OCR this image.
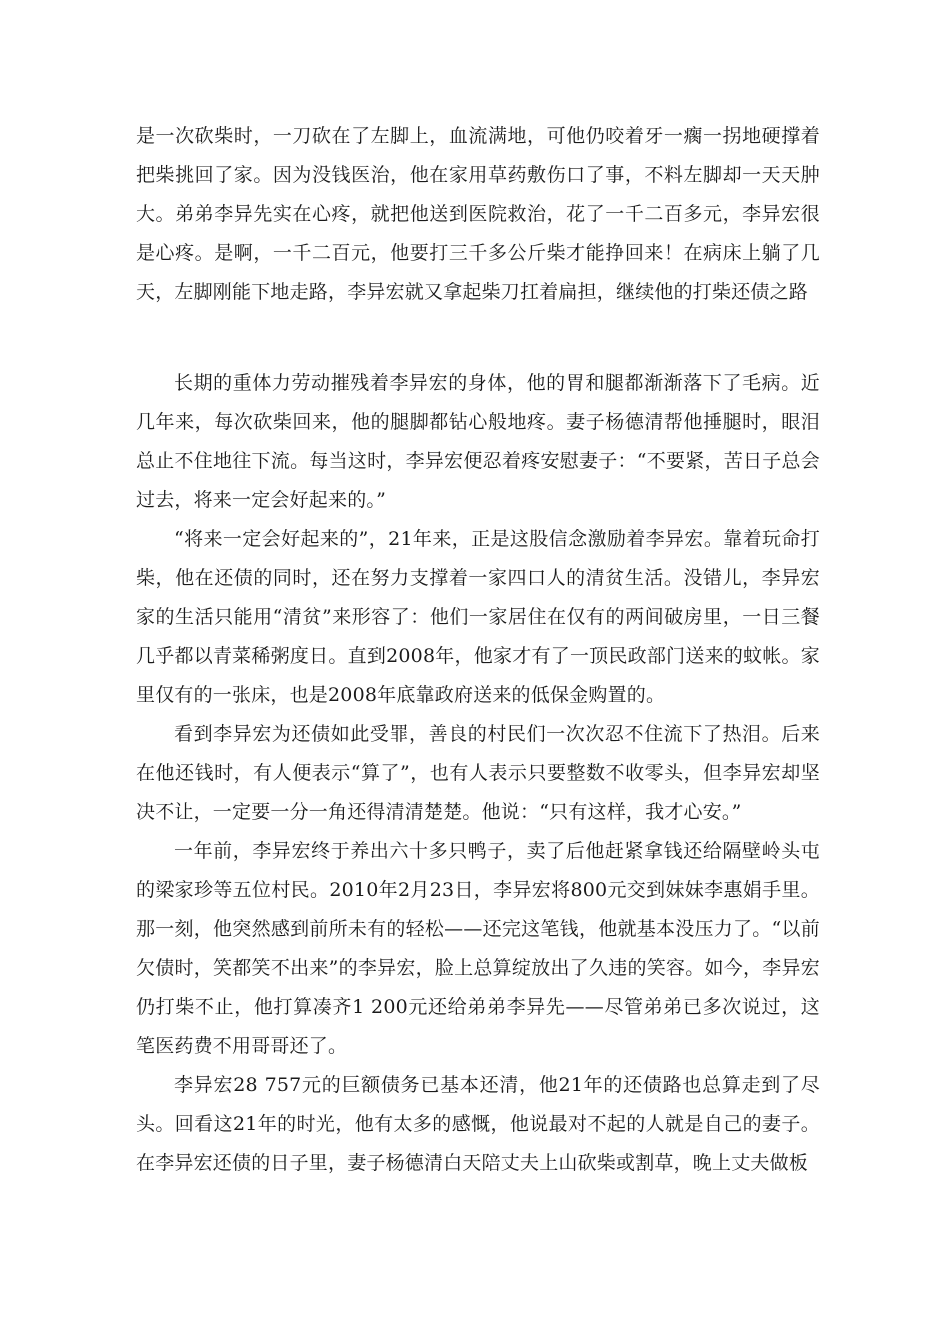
是一次砍柴时，一刀砍在了左脚上，血流满地，可他仍咬着牙一瘸一拐地硬撑着把柴挑回了家。因为没钱医治，他在家用草药敷伤口了事，不料左脚却一天天肿大。弟弟李异先实在心疼，就把他送到医院救治，花了一千二百多元，李异宏很是心疼。是啊，一千二百元，他要打三千多公斤柴才能挣回来！在病床上躺了几天，左脚刚能下地走路，李异宏就又拿起柴刀扛着扁担，继续他的打柴还债之路

长期的重体力劳动摧残着李异宏的身体，他的胃和腿都渐渐落下了毛病。近几年来，每次砍柴回来，他的腿脚都钻心般地疼。妻子杨德清帮他捶腿时，眼泪总止不住地往下流。每当这时，李异宏便忍着疼安慰妻子：“不要紧，苦日子总会过去，将来一定会好起来的。”

“将来一定会好起来的”，21年来，正是这股信念激励着李异宏。靠着玩命打柴，他在还债的同时，还在努力支撑着一家四口人的清贫生活。没错儿，李异宏家的生活只能用“清贫”来形容了：他们一家居住在仅有的两间破房里，一日三餐几乎都以青菜稀粥度日。直到2008年，他家才有了一顶民政部门送来的蚊帐。家里仅有的一张床，也是2008年底靠政府送来的低保金购置的。

看到李异宏为还债如此受罪，善良的村民们一次次忍不住流下了热泪。后来在他还钱时，有人便表示“算了”，也有人表示只要整数不收零头，但李异宏却坚决不让，一定要一分一角还得清清楚楚。他说：“只有这样，我才心安。”

一年前，李异宏终于养出六十多只鸭子，卖了后他赶紧拿钱还给隔壁岭头屯的梁家珍等五位村民。2010年2月23日，李异宏将800元交到妹妹李惠娟手里。那一刻，他突然感到前所未有的轻松——还完这笔钱，他就基本没压力了。“以前欠债时，笑都笑不出来”的李异宏，脸上总算绽放出了久违的笑容。如今，李异宏仍打柴不止，他打算凑齐1 200元还给弟弟李异先——尽管弟弟已多次说过，这笔医药费不用哥哥还了。

李异宏28 757元的巨额债务已基本还清，他21年的还债路也总算走到了尽头。回看这21年的时光，他有太多的感慨，他说最对不起的人就是自己的妻子。在李异宏还债的日子里，妻子杨德清白天陪丈夫上山砍柴或割草，晚上丈夫做板
